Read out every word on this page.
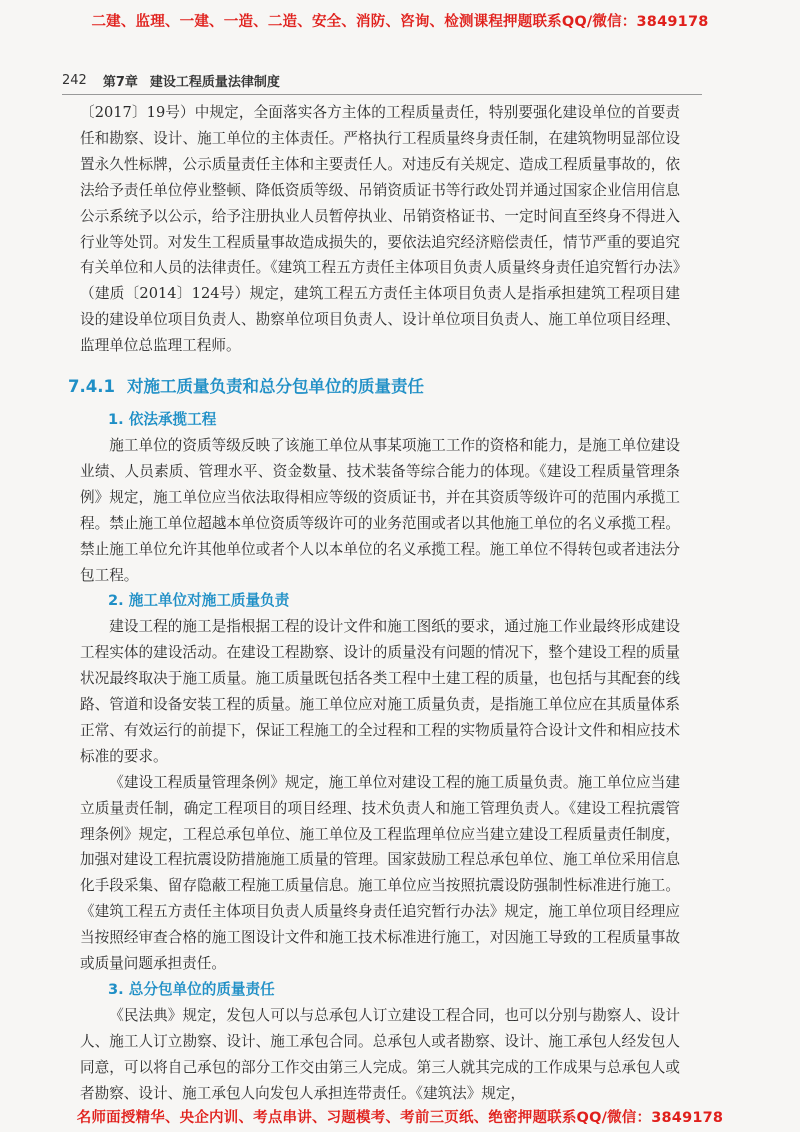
二建、监理、一建、一造、二造、安全、消防、咨询、检测课程押题联系QQ/微信：3849178
242 第7章 建设工程质量法律制度

〔2017〕19号）中规定，全面落实各方主体的工程质量责任，特别要强化建设单位的首要责任和勘察、设计、施工单位的主体责任。严格执行工程质量终身责任制，在建筑物明显部位设置永久性标牌，公示质量责任主体和主要责任人。对违反有关规定、造成工程质量事故的，依法给予责任单位停业整顿、降低资质等级、吊销资质证书等行政处罚并通过国家企业信用信息公示系统予以公示，给予注册执业人员暂停执业、吊销资格证书、一定时间直至终身不得进入行业等处罚。对发生工程质量事故造成损失的，要依法追究经济赔偿责任，情节严重的要追究有关单位和人员的法律责任。《建筑工程五方责任主体项目负责人质量终身责任追究暂行办法》（建质〔2014〕124号）规定，建筑工程五方责任主体项目负责人是指承担建筑工程项目建设的建设单位项目负责人、勘察单位项目负责人、设计单位项目负责人、施工单位项目经理、监理单位总监理工程师。

7.4.1 对施工质量负责和总分包单位的质量责任
1. 依法承揽工程

施工单位的资质等级反映了该施工单位从事某项施工工作的资格和能力，是施工单位建设业绩、人员素质、管理水平、资金数量、技术装备等综合能力的体现。《建设工程质量管理条例》规定，施工单位应当依法取得相应等级的资质证书，并在其资质等级许可的范围内承揽工程。禁止施工单位超越本单位资质等级许可的业务范围或者以其他施工单位的名义承揽工程。禁止施工单位允许其他单位或者个人以本单位的名义承揽工程。施工单位不得转包或者违法分包工程。

2. 施工单位对施工质量负责

建设工程的施工是指根据工程的设计文件和施工图纸的要求，通过施工作业最终形成建设工程实体的建设活动。在建设工程勘察、设计的质量没有问题的情况下，整个建设工程的质量状况最终取决于施工质量。施工质量既包括各类工程中土建工程的质量，也包括与其配套的线路、管道和设备安装工程的质量。施工单位应对施工质量负责，是指施工单位应在其质量体系正常、有效运行的前提下，保证工程施工的全过程和工程的实物质量符合设计文件和相应技术标准的要求。

《建设工程质量管理条例》规定，施工单位对建设工程的施工质量负责。施工单位应当建立质量责任制，确定工程项目的项目经理、技术负责人和施工管理负责人。《建设工程抗震管理条例》规定，工程总承包单位、施工单位及工程监理单位应当建立建设工程质量责任制度，加强对建设工程抗震设防措施施工质量的管理。国家鼓励工程总承包单位、施工单位采用信息化手段采集、留存隐蔽工程施工质量信息。施工单位应当按照抗震设防强制性标准进行施工。《建筑工程五方责任主体项目负责人质量终身责任追究暂行办法》规定，施工单位项目经理应当按照经审查合格的施工图设计文件和施工技术标准进行施工，对因施工导致的工程质量事故或质量问题承担责任。

3. 总分包单位的质量责任

《民法典》规定，发包人可以与总承包人订立建设工程合同，也可以分别与勘察人、设计人、施工人订立勘察、设计、施工承包合同。总承包人或者勘察、设计、施工承包人经发包人同意，可以将自己承包的部分工作交由第三人完成。第三人就其完成的工作成果与总承包人或者勘察、设计、施工承包人向发包人承担连带责任。《建筑法》规定，

名师面授精华、央企内训、考点串讲、习题模考、考前三页纸、绝密押题联系QQ/微信：3849178
